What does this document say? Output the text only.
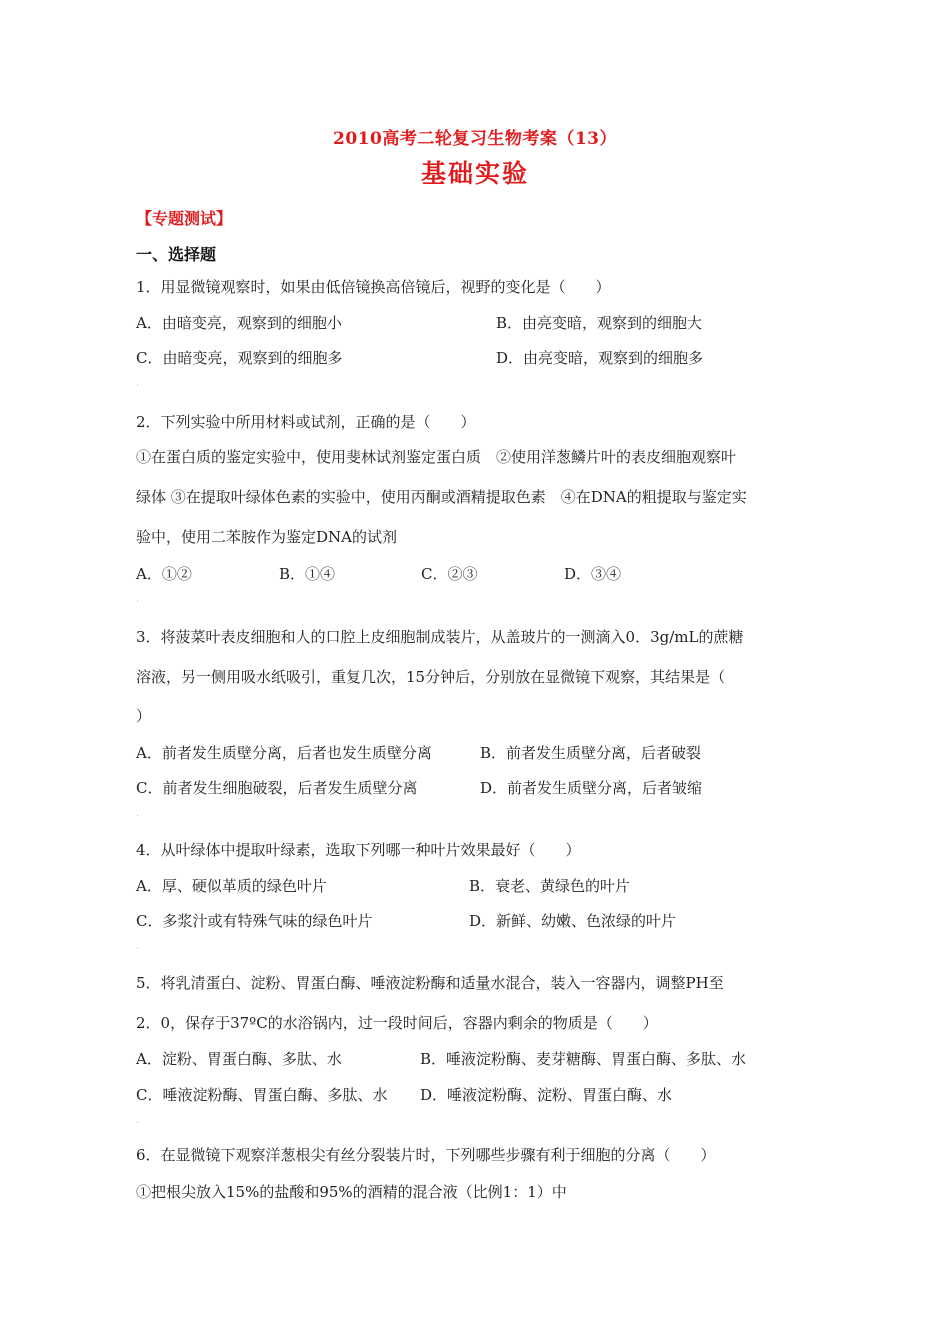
2010高考二轮复习生物考案（13）
基础实验
【专题测试】
一、选择题
1．用显微镜观察时，如果由低倍镜换高倍镜后，视野的变化是（　　）
A．由暗变亮，观察到的细胞小	B．由亮变暗，观察到的细胞大
C．由暗变亮，观察到的细胞多	D．由亮变暗，观察到的细胞多
.
2．下列实验中所用材料或试剂，正确的是（　　）
①在蛋白质的鉴定实验中，使用斐林试剂鉴定蛋白质　②使用洋葱鳞片叶的表皮细胞观察叶
绿体 ③在提取叶绿体色素的实验中，使用丙酮或酒精提取色素　④在DNA的粗提取与鉴定实
验中，使用二苯胺作为鉴定DNA的试剂
A．①②	B．①④	C．②③	D．③④
.
3．将菠菜叶表皮细胞和人的口腔上皮细胞制成装片，从盖玻片的一测滴入0．3g/mL的蔗糖
溶液，另一侧用吸水纸吸引，重复几次，15分钟后，分别放在显微镜下观察，其结果是（
）
A．前者发生质壁分离，后者也发生质壁分离	B．前者发生质壁分离，后者破裂
C．前者发生细胞破裂，后者发生质壁分离	D．前者发生质壁分离，后者皱缩
.
4．从叶绿体中提取叶绿素，选取下列哪一种叶片效果最好（　　）
A．厚、硬似革质的绿色叶片	B．衰老、黄绿色的叶片
C．多浆汁或有特殊气味的绿色叶片	D．新鲜、幼嫩、色浓绿的叶片
.
5．将乳清蛋白、淀粉、胃蛋白酶、唾液淀粉酶和适量水混合，装入一容器内，调整PH至
2．0，保存于37ºC的水浴锅内，过一段时间后，容器内剩余的物质是（　　）
A．淀粉、胃蛋白酶、多肽、水	B．唾液淀粉酶、麦芽糖酶、胃蛋白酶、多肽、水
C．唾液淀粉酶、胃蛋白酶、多肽、水 D．唾液淀粉酶、淀粉、胃蛋白酶、水
.
6．在显微镜下观察洋葱根尖有丝分裂装片时，下列哪些步骤有利于细胞的分离（　　）
①把根尖放入15%的盐酸和95%的酒精的混合液（比例1：1）中
